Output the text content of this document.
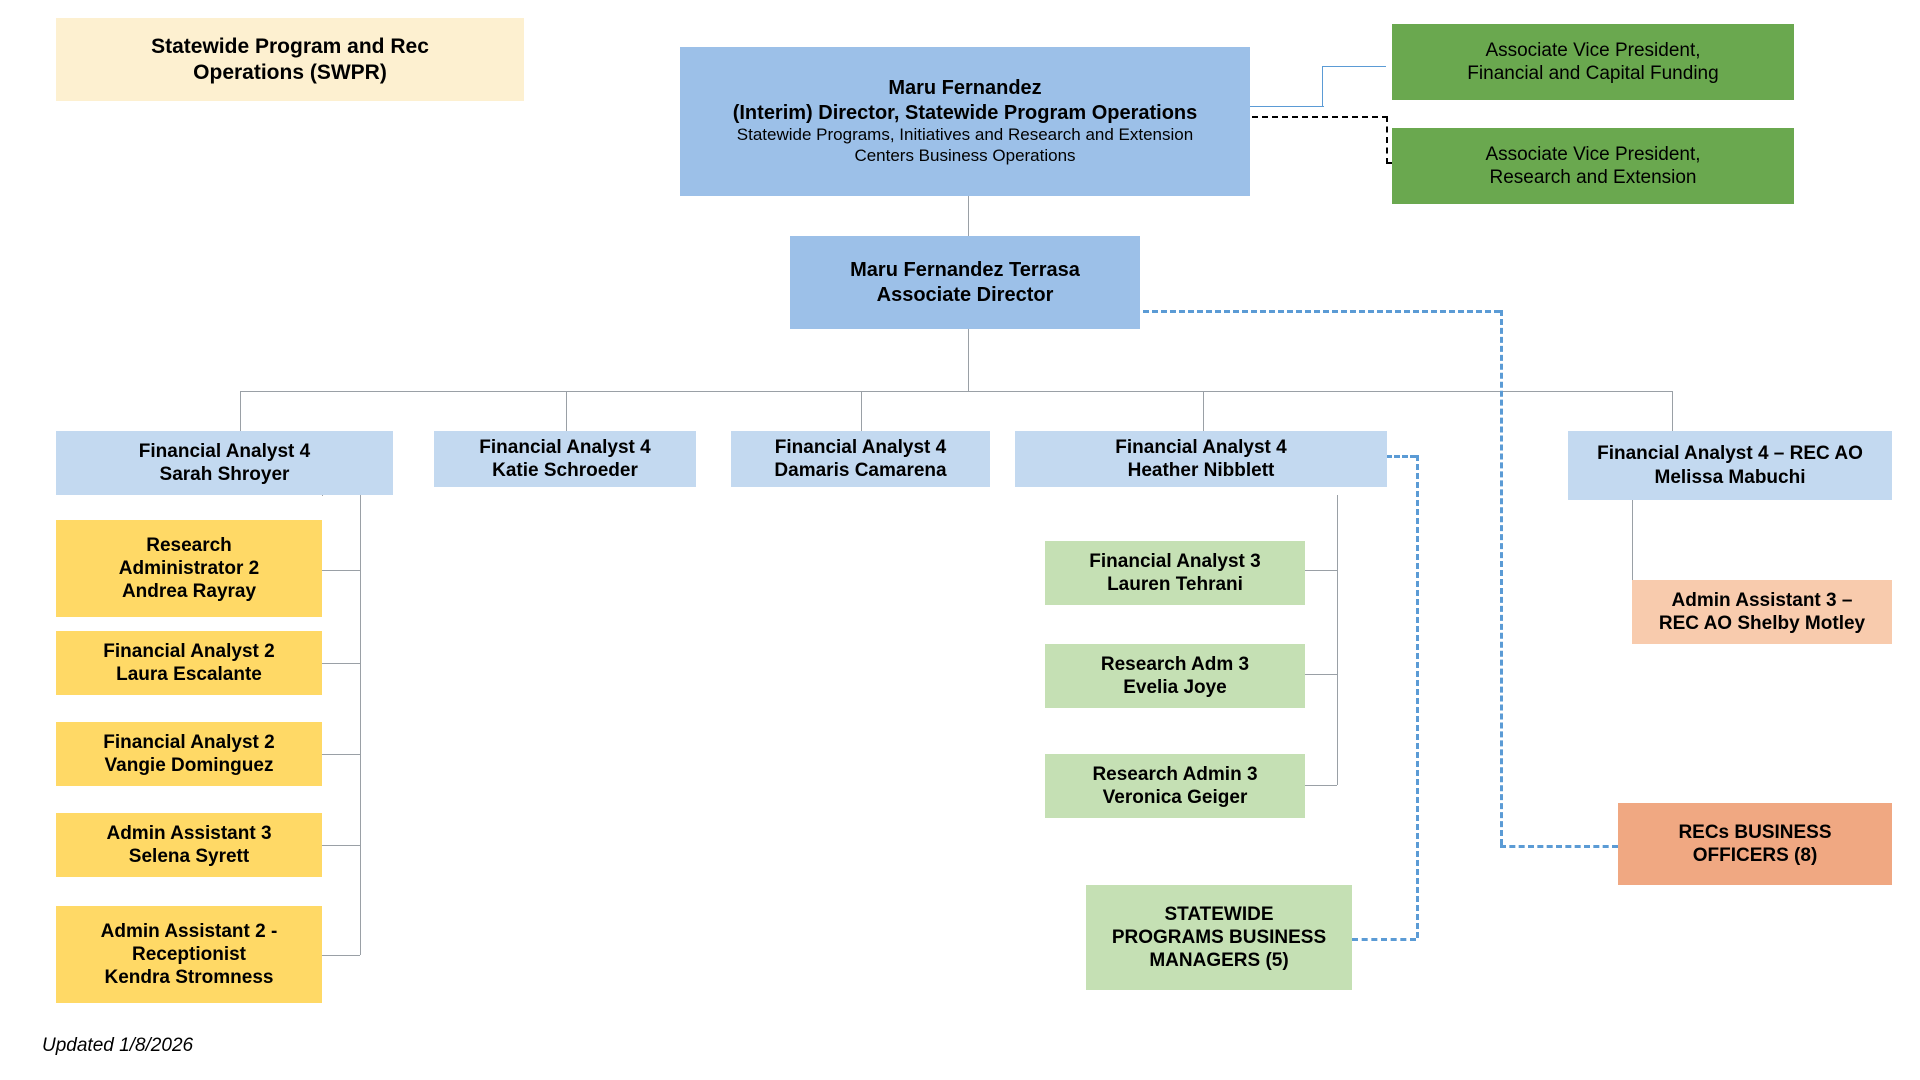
Statewide Program and Rec
Operations (SWPR)
Maru Fernandez
(Interim) Director, Statewide Program Operations
Statewide Programs, Initiatives and Research and Extension
Centers Business Operations
Associate Vice President,
Financial and Capital Funding
Associate Vice President,
Research and Extension
Maru Fernandez Terrasa
Associate Director
Financial Analyst 4
Sarah Shroyer
Financial Analyst 4
Katie Schroeder
Financial Analyst 4
Damaris Camarena
Financial Analyst 4
Heather Nibblett
Financial Analyst 4 – REC AO
Melissa Mabuchi
Research
Administrator 2
Andrea Rayray
Financial Analyst 2
Laura Escalante
Financial Analyst 2
Vangie Dominguez
Admin Assistant 3
Selena Syrett
Admin Assistant 2 -
Receptionist
Kendra Stromness
Financial Analyst 3
Lauren Tehrani
Research Adm 3
Evelia Joye
Research Admin 3
Veronica Geiger
STATEWIDE
PROGRAMS BUSINESS
MANAGERS (5)
Admin Assistant 3 –
REC AO Shelby Motley
RECs BUSINESS
OFFICERS (8)
Updated 1/8/2026
